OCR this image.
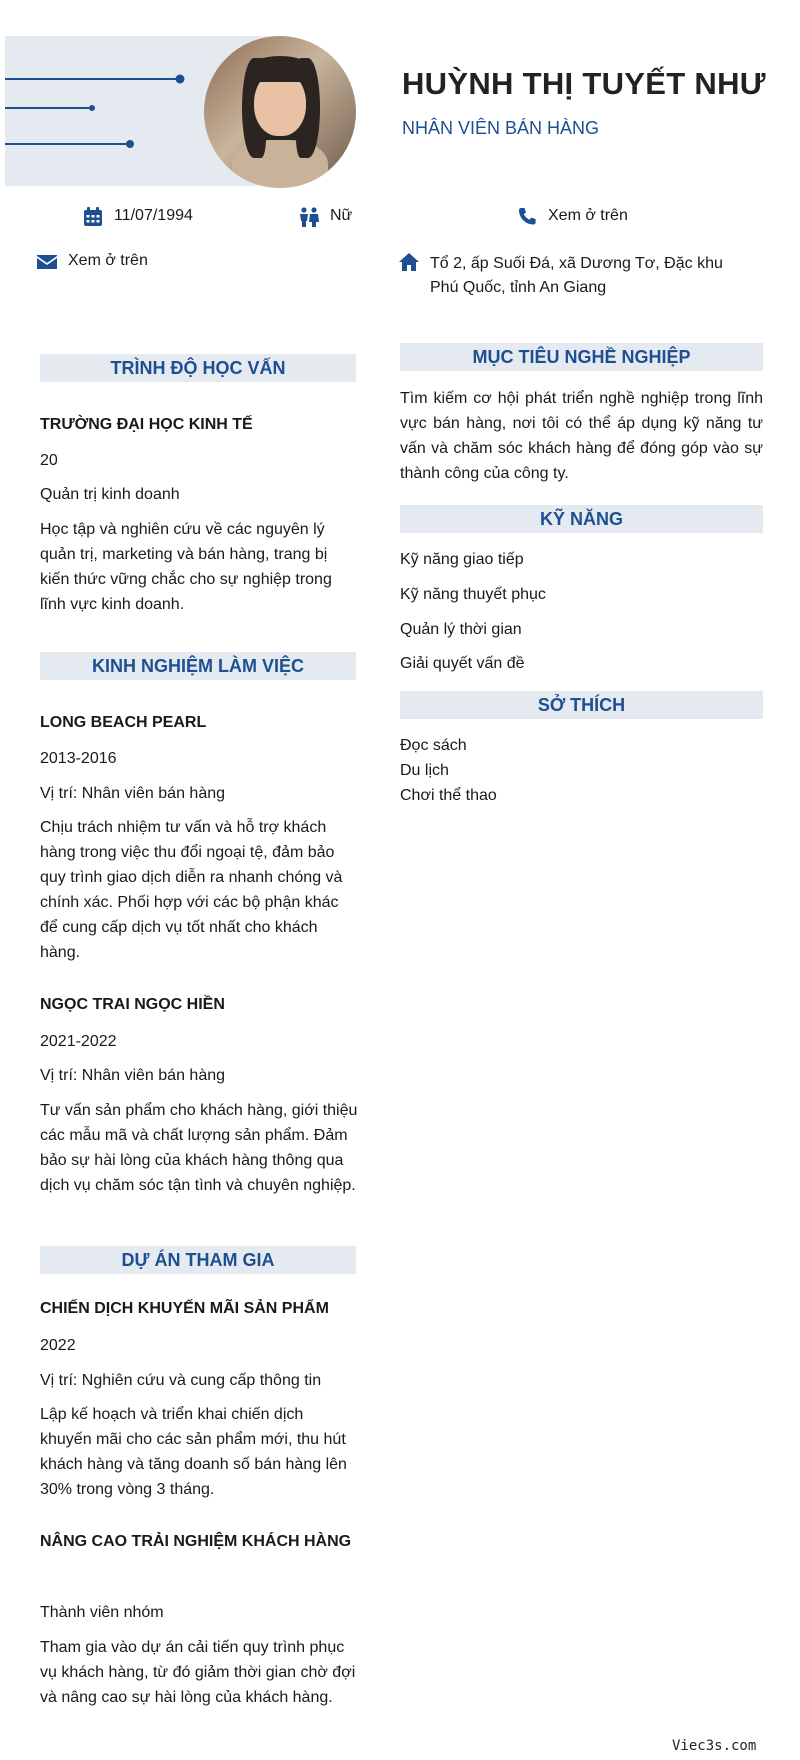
HUỲNH THỊ TUYẾT NHƯ
NHÂN VIÊN BÁN HÀNG
11/07/1994	Nữ	Xem ở trên
Xem ở trên	Tổ 2, ấp Suối Đá, xã Dương Tơ, Đặc khu Phú Quốc, tỉnh An Giang
TRÌNH ĐỘ HỌC VẤN
TRƯỜNG ĐẠI HỌC KINH TẾ
20
Quản trị kinh doanh
Học tập và nghiên cứu về các nguyên lý quản trị, marketing và bán hàng, trang bị kiến thức vững chắc cho sự nghiệp trong lĩnh vực kinh doanh.
KINH NGHIỆM LÀM VIỆC
LONG BEACH PEARL
2013-2016
Vị trí: Nhân viên bán hàng
Chịu trách nhiệm tư vấn và hỗ trợ khách hàng trong việc thu đổi ngoại tệ, đảm bảo quy trình giao dịch diễn ra nhanh chóng và chính xác. Phối hợp với các bộ phận khác để cung cấp dịch vụ tốt nhất cho khách hàng.
NGỌC TRAI NGỌC HIỀN
2021-2022
Vị trí: Nhân viên bán hàng
Tư vấn sản phẩm cho khách hàng, giới thiệu các mẫu mã và chất lượng sản phẩm. Đảm bảo sự hài lòng của khách hàng thông qua dịch vụ chăm sóc tận tình và chuyên nghiệp.
DỰ ÁN THAM GIA
CHIẾN DỊCH KHUYẾN MÃI SẢN PHẨM
2022
Vị trí: Nghiên cứu và cung cấp thông tin
Lập kế hoạch và triển khai chiến dịch khuyến mãi cho các sản phẩm mới, thu hút khách hàng và tăng doanh số bán hàng lên 30% trong vòng 3 tháng.
NÂNG CAO TRẢI NGHIỆM KHÁCH HÀNG
Thành viên nhóm
Tham gia vào dự án cải tiến quy trình phục vụ khách hàng, từ đó giảm thời gian chờ đợi và nâng cao sự hài lòng của khách hàng.
MỤC TIÊU NGHỀ NGHIỆP
Tìm kiếm cơ hội phát triển nghề nghiệp trong lĩnh vực bán hàng, nơi tôi có thể áp dụng kỹ năng tư vấn và chăm sóc khách hàng để đóng góp vào sự thành công của công ty.
KỸ NĂNG
Kỹ năng giao tiếp
Kỹ năng thuyết phục
Quản lý thời gian
Giải quyết vấn đề
SỞ THÍCH
Đọc sách
Du lịch
Chơi thể thao
Viec3s.com
